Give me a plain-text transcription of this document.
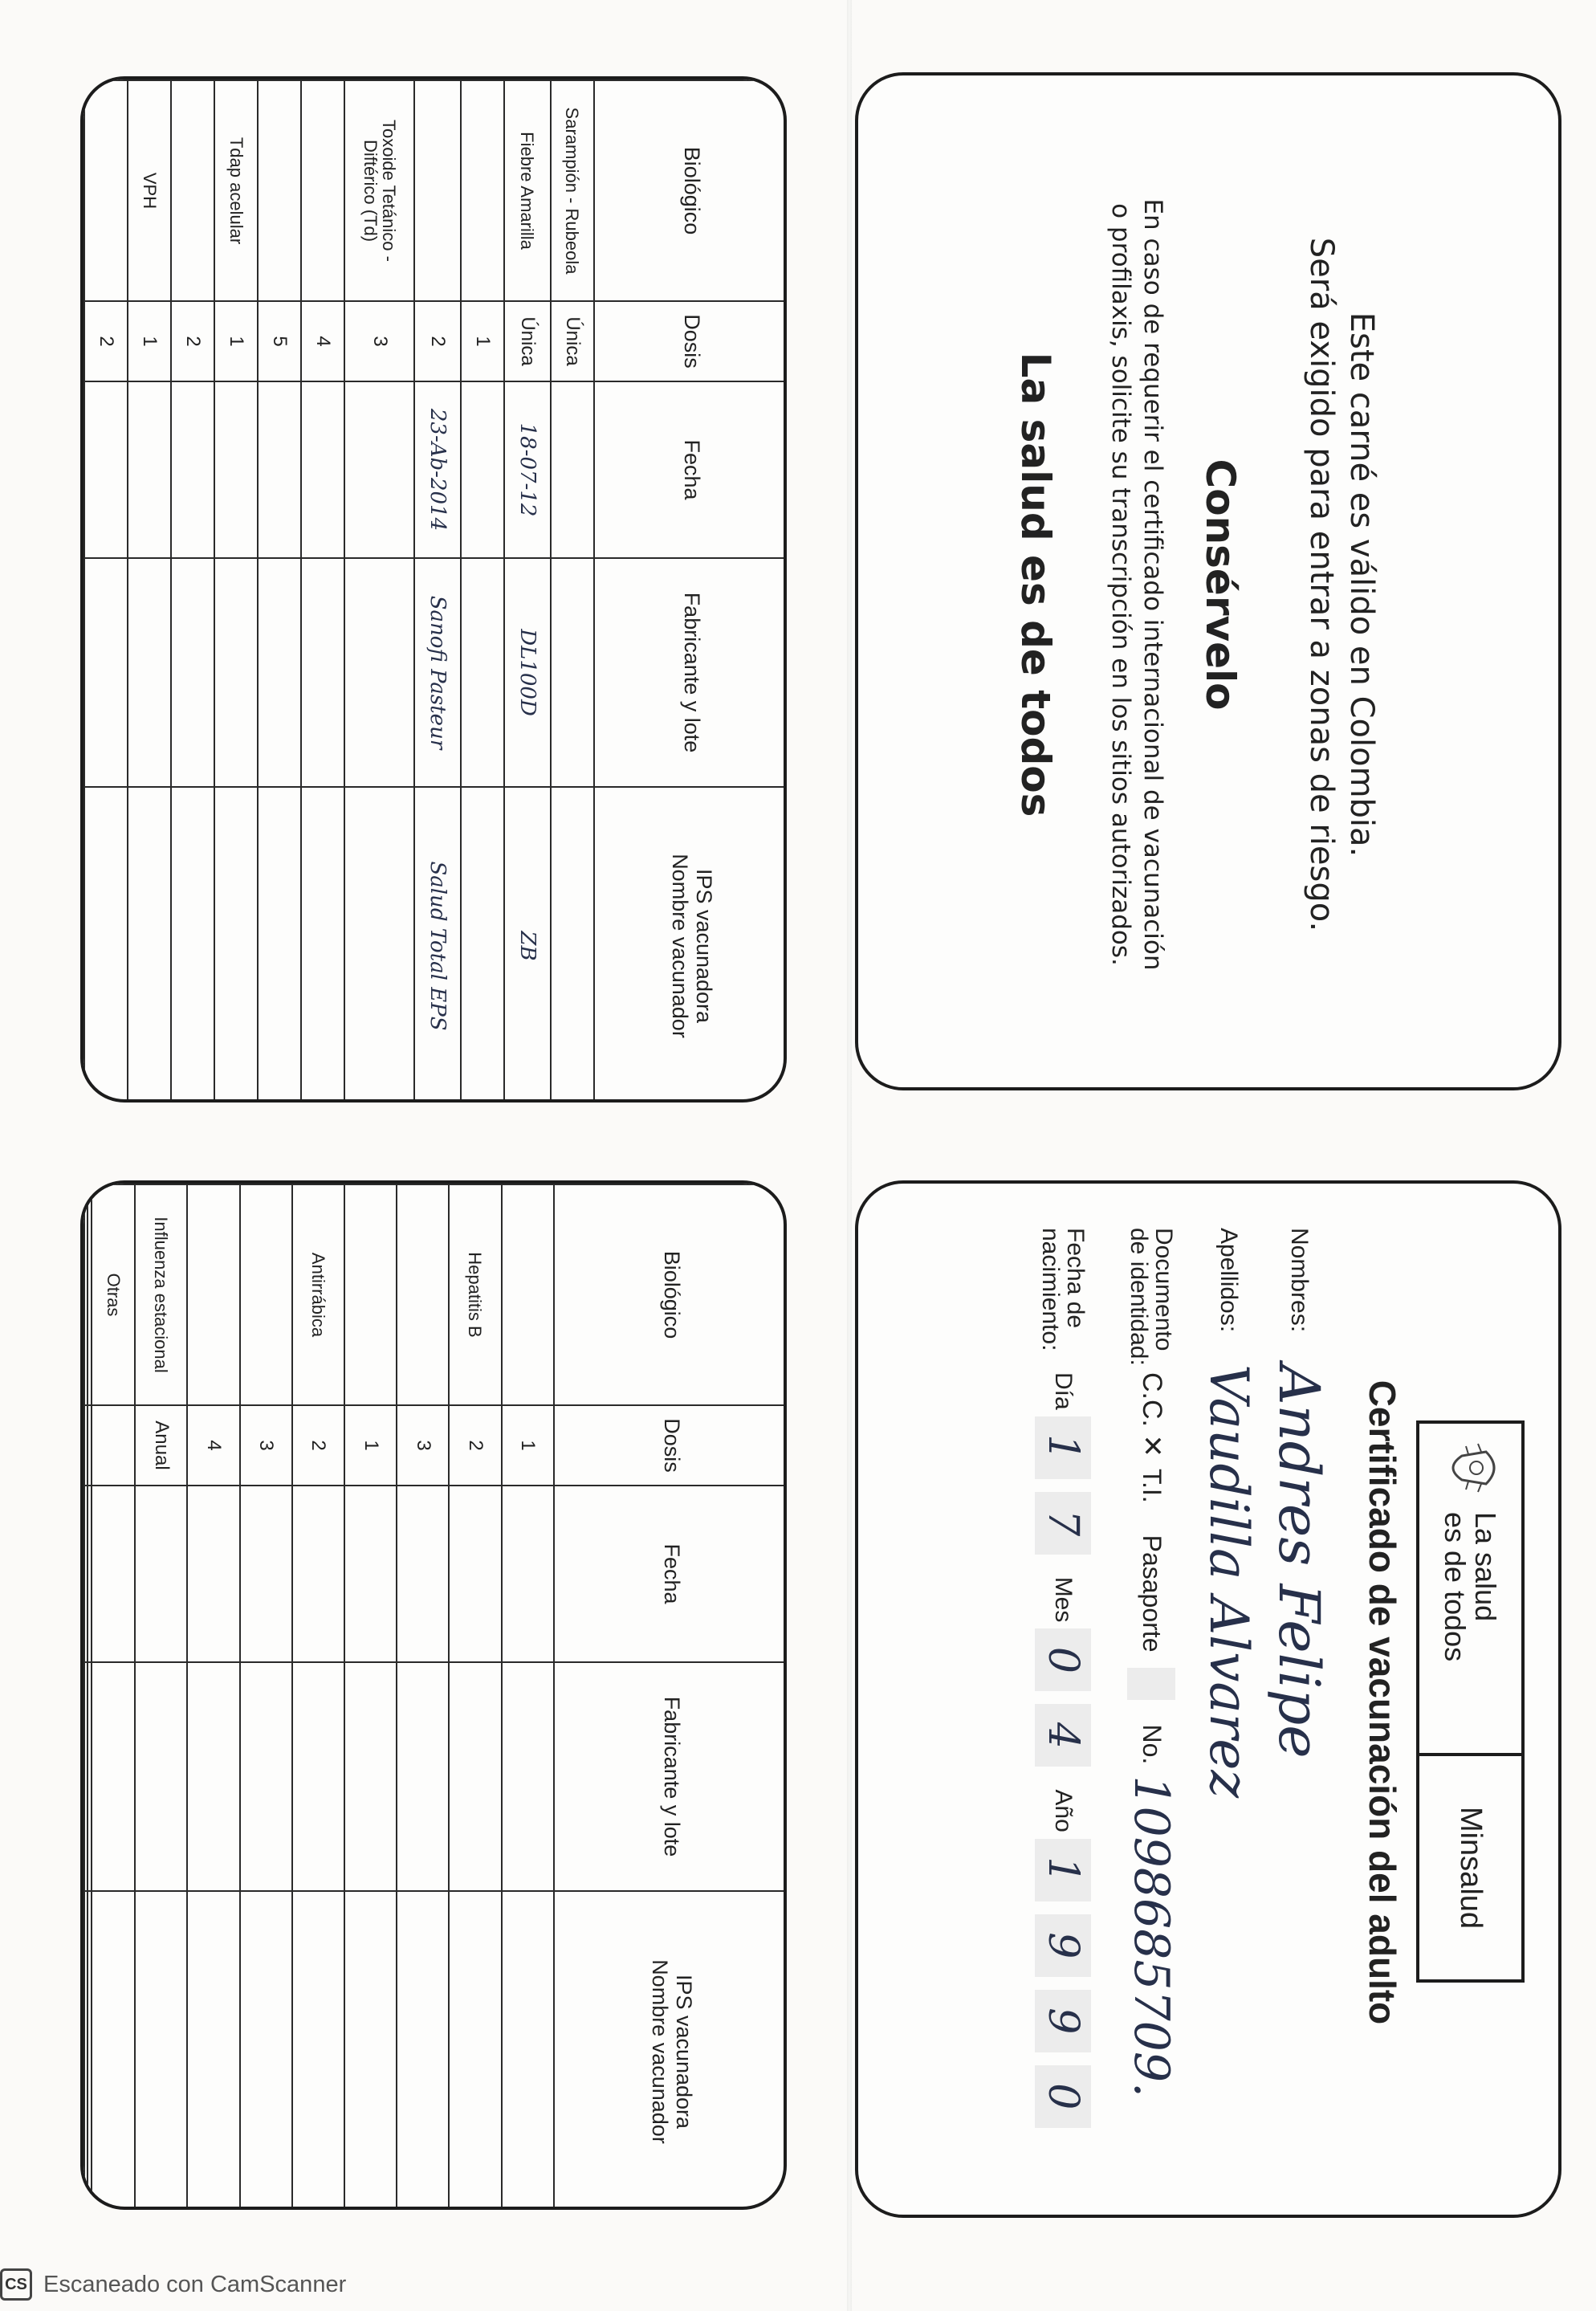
Este carné es válido en Colombia.
Será exigido para entrar a zonas de riesgo.
Consérvelo
En caso de requerir el certificado internacional de vacunación
o profilaxis, solicite su transcripción en los sitios autorizados.
La salud es de todos
La salud
es de todos
Minsalud
Certificado de vacunación del adulto
Nombres:
Andres Felipe
Apellidos:
Vaudilla Alvarez
Documento
de identidad:
C.C. ✕
T.I.
Pasaporte
No.
1098685709.
Fecha de
nacimiento:
Día
1
7
Mes
0
4
Año
1
9
9
0
Biológico	Dosis	Fecha	Fabricante y lote	IPS vacunadora
Nombre vacunador
Sarampión - Rubeola	Única			
Fiebre Amarilla	Única	18-07-12	DL100D	ZB
	1			
	2	23-Ab-2014	Sanofi Pasteur	Salud Total EPS
Toxoide Tetánico - Diftérico (Td)	3			
	4			
	5			
Tdap acelular	1			
	2			
VPH	1			
	2			
Biológico	Dosis	Fecha	Fabricante y lote	IPS vacunadora
Nombre vacunador
	1			
Hepatitis B	2			
	3			
	1			
Antirrábica	2			
	3			
	4			
Influenza estacional	Anual			
Otras				

CS Escaneado con CamScanner
